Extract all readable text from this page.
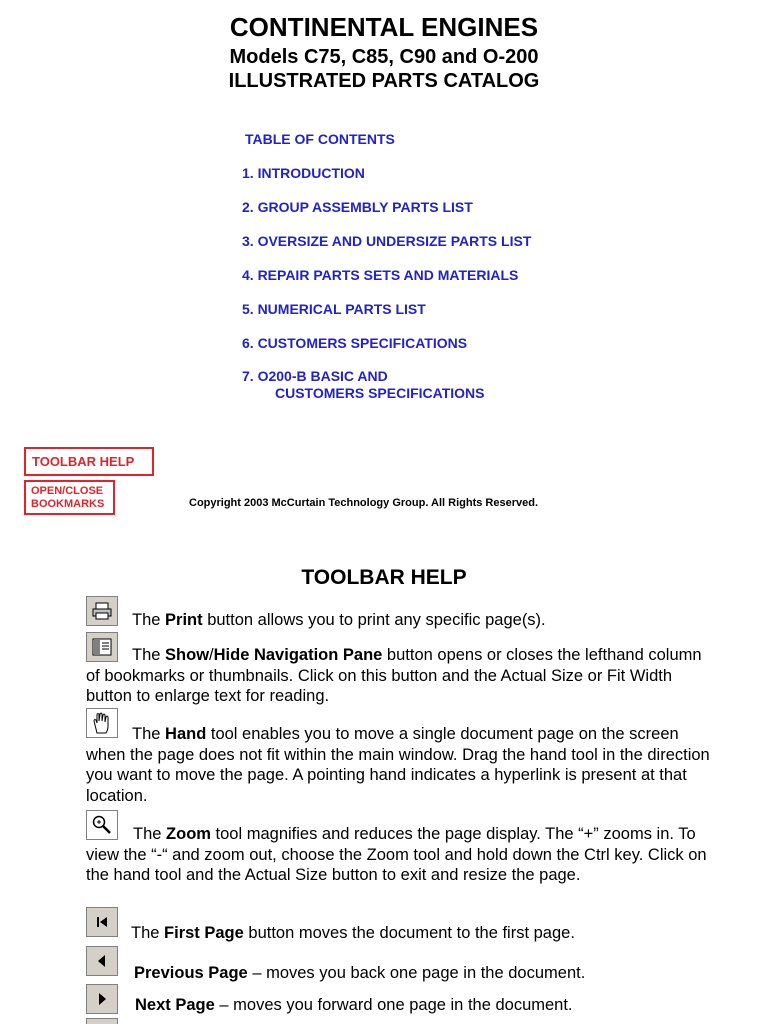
CONTINENTAL ENGINES
Models C75, C85, C90 and O-200
ILLUSTRATED PARTS CATALOG
TABLE OF CONTENTS
1. INTRODUCTION
2. GROUP ASSEMBLY PARTS LIST
3. OVERSIZE AND UNDERSIZE PARTS LIST
4. REPAIR PARTS SETS AND MATERIALS
5. NUMERICAL PARTS LIST
6. CUSTOMERS SPECIFICATIONS
7. O200-B BASIC AND
CUSTOMERS SPECIFICATIONS
TOOLBAR HELP
OPEN/CLOSE
BOOKMARKS	Copyright 2003 McCurtain Technology Group. All Rights Reserved.
TOOLBAR HELP
The Print button allows you to print any specific page(s).
The Show/Hide Navigation Pane button opens or closes the lefthand column of bookmarks or thumbnails. Click on this button and the Actual Size or Fit Width button to enlarge text for reading.
The Hand tool enables you to move a single document page on the screen when the page does not fit within the main window. Drag the hand tool in the direction you want to move the page. A pointing hand indicates a hyperlink is present at that location.
The Zoom tool magnifies and reduces the page display. The “+” zooms in. To view the “-“ and zoom out, choose the Zoom tool and hold down the Ctrl key. Click on the hand tool and the Actual Size button to exit and resize the page.
The First Page button moves the document to the first page.
Previous Page – moves you back one page in the document.
Next Page – moves you forward one page in the document.
